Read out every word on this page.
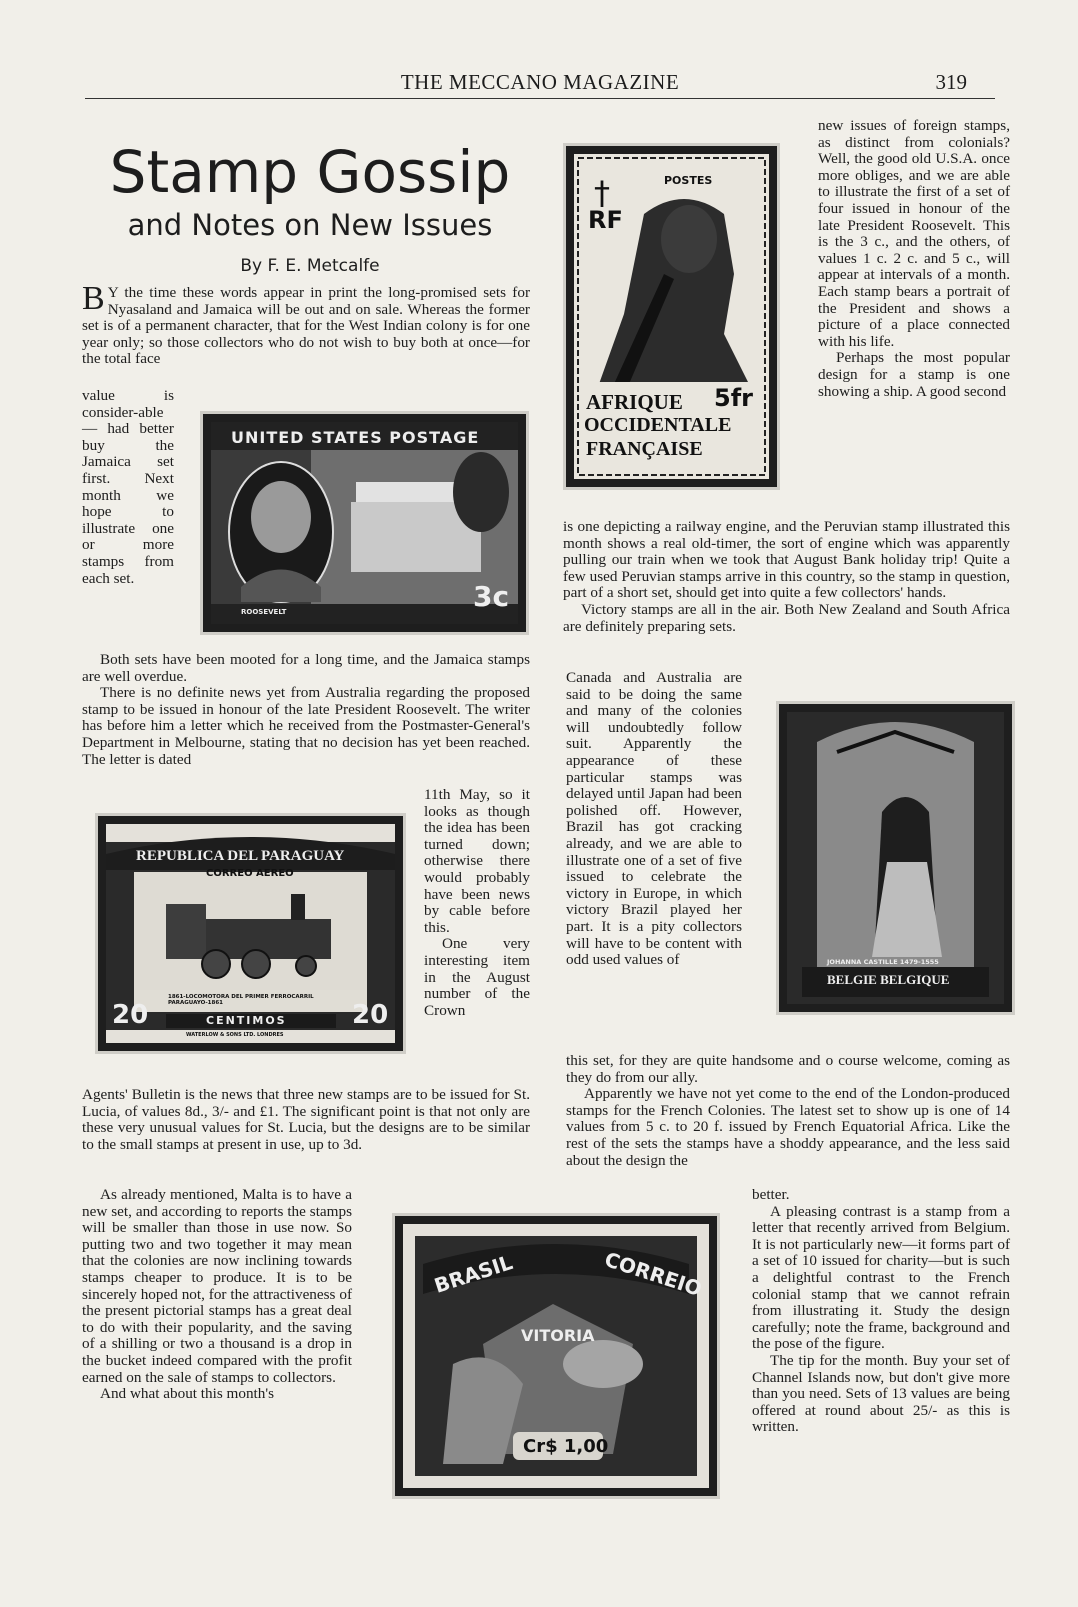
THE MECCANO MAGAZINE	319
Stamp Gossip
and Notes on New Issues
By F. E. Metcalfe

B Y the time these words appear in print the long-promised sets for Nyasaland and Jamaica will be out and on sale. Whereas the former set is of a permanent character, that for the West Indian colony is for one year only; so those collectors who do not wish to buy both at once—for the total face

value is consider-able — had better buy the Jamaica set first. Next month we hope to illustrate one or more stamps from each set.

Both sets have been mooted for a long time, and the Jamaica stamps are well overdue.

There is no definite news yet from Australia regarding the proposed stamp to be issued in honour of the late President Roosevelt. The writer has before him a letter which he received from the Postmaster-General's Department in Melbourne, stating that no decision has yet been reached. The letter is dated

11th May, so it looks as though the idea has been turned down; otherwise there would probably have been news by cable before this.

One very interesting item in the August number of the Crown

Agents' Bulletin is the news that three new stamps are to be issued for St. Lucia, of values 8d., 3/- and £1. The significant point is that not only are these very unusual values for St. Lucia, but the designs are to be similar to the small stamps at present in use, up to 3d.

As already mentioned, Malta is to have a new set, and according to reports the stamps will be smaller than those in use now. So putting two and two together it may mean that the colonies are now inclining towards stamps cheaper to produce. It is to be sincerely hoped not, for the attractiveness of the present pictorial stamps has a great deal to do with their popularity, and the saving of a shilling or two a thousand is a drop in the bucket indeed compared with the profit earned on the sale of stamps to collectors.

And what about this month's

new issues of foreign stamps, as distinct from colonials? Well, the good old U.S.A. once more obliges, and we are able to illustrate the first of a set of four issued in honour of the late President Roosevelt. This is the 3 c., and the others, of values 1 c. 2 c. and 5 c., will appear at intervals of a month. Each stamp bears a portrait of the President and shows a picture of a place connected with his life.

Perhaps the most popular design for a stamp is one showing a ship. A good second

is one depicting a railway engine, and the Peruvian stamp illustrated this month shows a real old-timer, the sort of engine which was apparently pulling our train when we took that August Bank holiday trip! Quite a few used Peruvian stamps arrive in this country, so the stamp in question, part of a short set, should get into quite a few collectors' hands.

Victory stamps are all in the air. Both New Zealand and South Africa are definitely preparing sets.

Canada and Australia are said to be doing the same and many of the colonies will undoubtedly follow suit. Apparently the appearance of these particular stamps was delayed until Japan had been polished off. However, Brazil has got cracking already, and we are able to illustrate one of a set of five issued to celebrate the victory in Europe, in which victory Brazil played her part. It is a pity collectors will have to be content with odd used values of

this set, for they are quite handsome and o course welcome, coming as they do from our ally.

Apparently we have not yet come to the end of the London-produced stamps for the French Colonies. The latest set to show up is one of 14 values from 5 c. to 20 f. issued by French Equatorial Africa. Like the rest of the sets the stamps have a shoddy appearance, and the less said about the design the

better.

A pleasing contrast is a stamp from a letter that recently arrived from Belgium. It is not particularly new—it forms part of a set of 10 issued for charity—but is such a delightful contrast to the French colonial stamp that we cannot refrain from illustrating it. Study the design carefully; note the frame, background and the pose of the figure.

The tip for the month. Buy your set of Channel Islands now, but don't give more than you need. Sets of 13 values are being offered at round about 25/- as this is written.

†	POSTES
RF
AFRIQUE 5fr
OCCIDENTALE
FRANÇAISE
UNITED STATES POSTAGE
ROOSEVELT	3c
REPUBLICA DEL PARAGUAY
CORREO AEREO
1861-LOCOMOTORA DEL PRIMER FERROCARRIL PARAGUAYO-1861
20	20
CENTIMOS
WATERLOW & SONS LTD. LONDRES
JOHANNA CASTILLE 1479-1555
BELGIE BELGIQUE
BRASIL	CORREIO
VITORIA
Cr$ 1,00
